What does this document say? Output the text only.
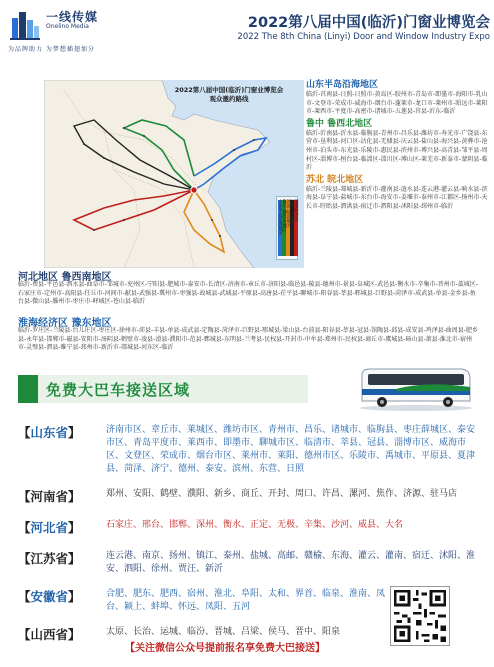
一线传媒
Onelino Media
为品牌助力 为梦想插翅加分
2022第八届中国(临沂)门窗业博览会
2022 The 8th China (Linyi) Door and Window Industry Expo
2022第八届中国(临沂)门窗业博览会
观众邀约路线
山东半岛沿海地区 鲁中 鲁西北地区 苏北 皖北地区 河北地区 淮海经济区
山东半岛沿海地区
临沂-莒南县-日照-日照市-黄岛区-胶州市-青岛市-即墨市-海阳市-乳山市-文登市-荣成市-威海市-烟台市-蓬莱市-龙口市-莱州市-昭远市-莱阳市-莱西市-平度市-高密市-诸城市-五莲县-莒县-沂东-临沂
鲁中 鲁西北地区
临沂-沂南县-沂水县-临朐县-青州市-昌乐县-潍坊市-寿光市-广饶县-东营市-垦利县-河口区-沾化县-无棣县-庆云县-盐山县-海兴县-黄骅市-沧州市-泊头市-东光县-乐陵市-惠民县-滨州市-博兴县-高青县-邹平县-周村区-淄博市-桓台县-临淄区-淄川区-博山区-莱芜市-新泰市-蒙阴县-临沂
苏北 皖北地区
临沂-兰陵县-郯城县-新沂市-灌南县-涟水县-连云港-灌云县-响水县-滨海县-阜宁县-盐城市-东台市-海安市-姜堰市-泰州市-江都区-扬州市-天长市-盱眙县-泗洪县-宿迁市-泗阳县-沭阳县-邳州市-临沂
河北地区 鲁西南地区
临沂-费县-平邑县-泗水县-曲阜市-邹城市-兖州区-宁阳县-肥城市-泰安市-长清区-济南市-章丘市-济阳县-临邑县-陵县-德州市-景县-阜城区-武邑县-衡水市-辛集市-晋州市-藁城区-石家庄市-定州市-高阳县-任丘市-河间市-献县-武强县-冀州市-枣强县-故城县-武城县-平原县-高唐县-茌平县-聊城市-阳谷县-莘县-郓城县-巨野县-菏泽市-成武县-单县-金乡县-鱼台县-微山县-滕州市-枣庄市-峄城区-苍山县-临沂
淮海经济区 豫东地区
临沂-罗庄区-兰陵县-台儿庄区-枣庄区-徐州市-沛县-丰县-单县-成武县-定陶县-菏泽市-巨野县-郓城县-梁山县-台前县-阳谷县-莘县-冠县-馆陶县-邱县-成安县-鸡泽县-曲周县-肥乡县-永年县-邯郸市-磁县-安阳市-汤阴县-鹤壁市-浚县-滑县-濮阳市-范县-鄄城县-东明县-兰考县-民权县-开封市-中牟县-郑州市-民权县-商丘市-虞城县-砀山县-萧县-淮北市-宿州市-灵璧县-泗县-睢宁县-邳州市-新沂市-郯城县-河东区-临沂
免费大巴车接送区域
【山东省】	济南市区、章丘市、莱城区、潍坊市区、青州市、昌乐、诸城市、临朐县、枣庄薛城区、泰安市区、青岛平度市、莱西市、即墨市、聊城市区、临清市、莘县、冠县、淄博市区、威海市区、文登区、荣成市、烟台市区、莱州市、莱阳、德州市区、乐陵市、禹城市、平原县、夏津县、菏泽、济宁、德州、泰安、滨州、东营、日照
【河南省】	郑州、安阳、鹤壁、濮阳、新乡、商丘、开封、周口、许昌、漯河、焦作、济源、驻马店
【河北省】	石家庄、邢台、邯郸、深州、衡水、正定、无极、辛集、沙河、威县、大名
【江苏省】	连云港、南京、扬州、镇江、泰州、盐城、高邮、赣榆、东海、灌云、灌南、宿迁、沭阳、淮安、泗阳、徐州、贾汪、新沂
【安徽省】	合肥、肥东、肥西、宿州、淮北、阜阳、太和、界首、临泉、淮南、凤台、颍上、蚌埠、怀远、凤阳、五河
【山西省】	太原、长治、运城、临汾、晋城、吕梁、侯马、晋中、阳泉
【关注微信公众号提前报名享免费大巴接送】
